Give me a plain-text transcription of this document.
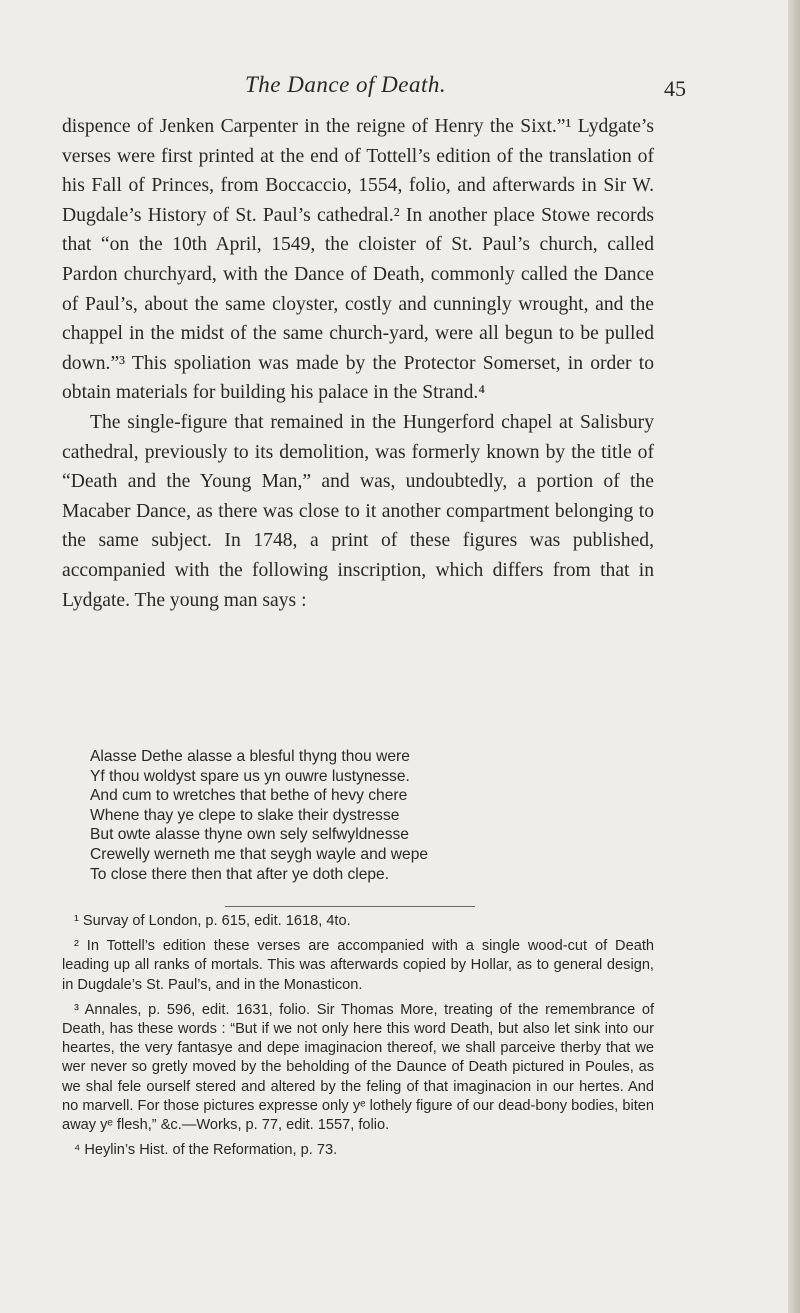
The Dance of Death.	45

dispence of Jenken Carpenter in the reigne of Henry the Sixt.”¹ Lydgate’s verses were first printed at the end of Tottell’s edition of the translation of his Fall of Princes, from Boccaccio, 1554, folio, and afterwards in Sir W. Dugdale’s History of St. Paul’s cathedral.² In another place Stowe records that “on the 10th April, 1549, the cloister of St. Paul’s church, called Pardon churchyard, with the Dance of Death, commonly called the Dance of Paul’s, about the same cloyster, costly and cunningly wrought, and the chappel in the midst of the same church-yard, were all begun to be pulled down.”³ This spoliation was made by the Protector Somerset, in order to obtain materials for building his palace in the Strand.⁴

The single-figure that remained in the Hungerford chapel at Salisbury cathedral, previously to its demolition, was formerly known by the title of “Death and the Young Man,” and was, undoubtedly, a portion of the Macaber Dance, as there was close to it another compartment belonging to the same subject. In 1748, a print of these figures was published, accompanied with the following inscription, which differs from that in Lydgate. The young man says :

Alasse Dethe alasse a blesful thyng thou were
Yf thou woldyst spare us yn ouwre lustynesse.
And cum to wretches that bethe of hevy chere
Whene thay ye clepe to slake their dystresse
But owte alasse thyne own sely selfwyldnesse
Crewelly werneth me that seygh wayle and wepe
To close there then that after ye doth clepe.

¹ Survay of London, p. 615, edit. 1618, 4to.

² In Tottell’s edition these verses are accompanied with a single wood-cut of Death leading up all ranks of mortals. This was afterwards copied by Hollar, as to general design, in Dugdale’s St. Paul’s, and in the Monasticon.

³ Annales, p. 596, edit. 1631, folio. Sir Thomas More, treating of the remembrance of Death, has these words : “But if we not only here this word Death, but also let sink into our heartes, the very fantasye and depe imaginacion thereof, we shall parceive therby that we wer never so gretly moved by the beholding of the Daunce of Death pictured in Poules, as we shal fele ourself stered and altered by the feling of that imaginacion in our hertes. And no marvell. For those pictures expresse only yᵉ lothely figure of our dead-bony bodies, biten away yᵉ flesh,” &c.—Works, p. 77, edit. 1557, folio.

⁴ Heylin’s Hist. of the Reformation, p. 73.
